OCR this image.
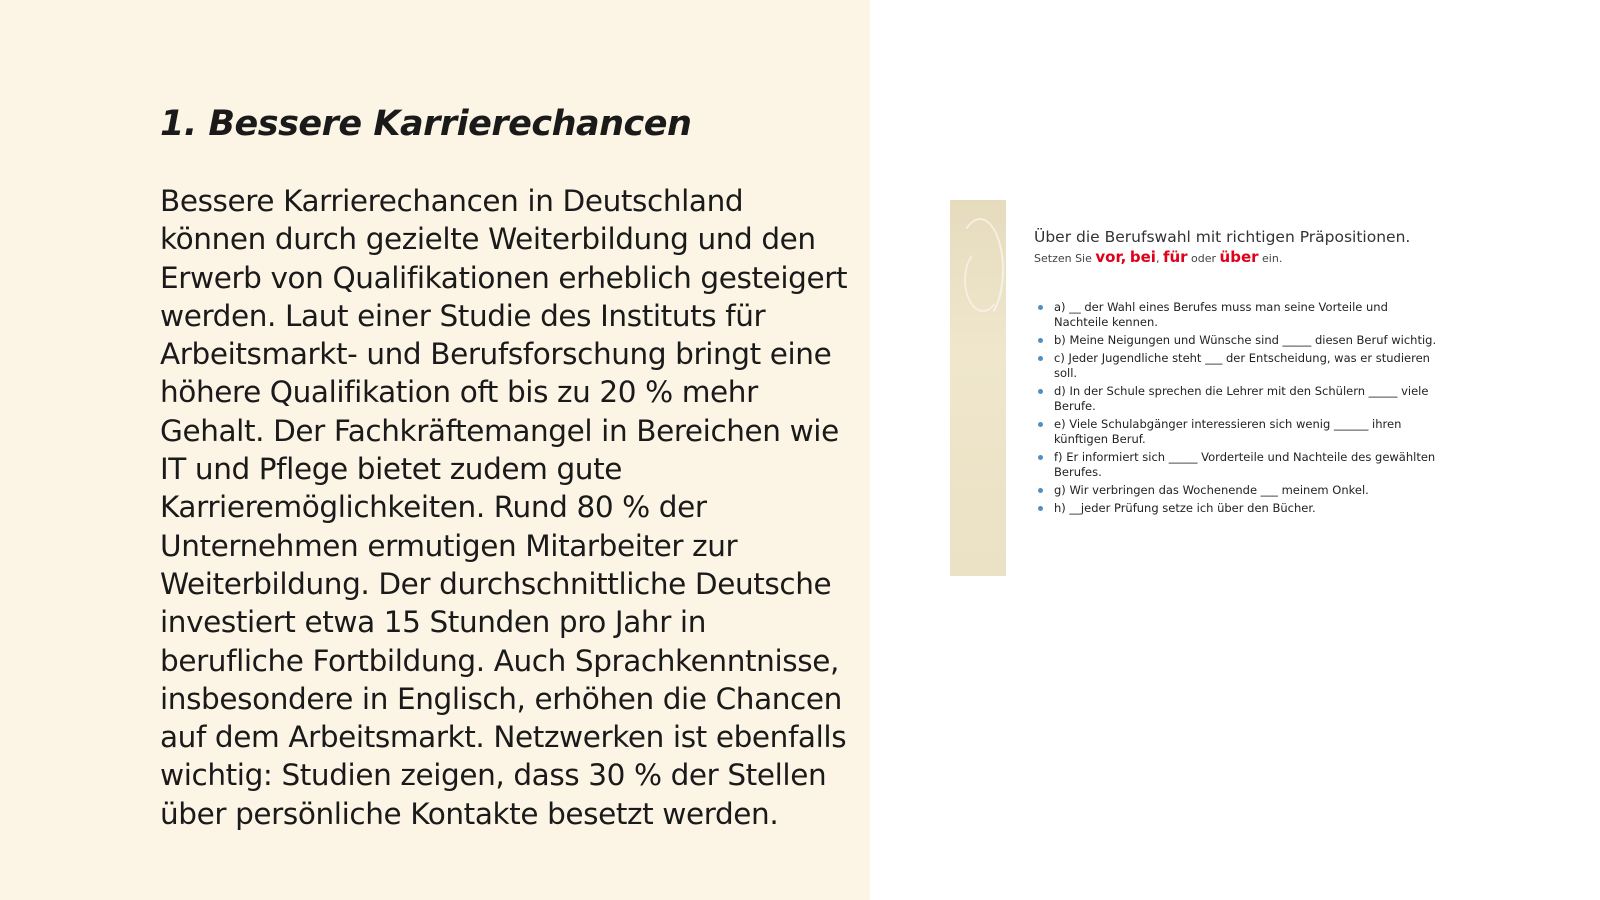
1. Bessere Karrierechancen

Bessere Karrierechancen in Deutschland können durch gezielte Weiterbildung und den Erwerb von Qualifikationen erheblich gesteigert werden. Laut einer Studie des Instituts für Arbeitsmarkt- und Berufsforschung bringt eine höhere Qualifikation oft bis zu 20 % mehr Gehalt. Der Fachkräftemangel in Bereichen wie IT und Pflege bietet zudem gute Karrieremöglichkeiten. Rund 80 % der Unternehmen ermutigen Mitarbeiter zur Weiterbildung. Der durchschnittliche Deutsche investiert etwa 15 Stunden pro Jahr in berufliche Fortbildung. Auch Sprachkenntnisse, insbesondere in Englisch, erhöhen die Chancen auf dem Arbeitsmarkt. Netzwerken ist ebenfalls wichtig: Studien zeigen, dass 30 % der Stellen über persönliche Kontakte besetzt werden.

Über die Berufswahl mit richtigen Präpositionen.

Setzen Sie vor, bei, für oder über ein.

a) __ der Wahl eines Berufes muss man seine Vorteile und Nachteile kennen.
b) Meine Neigungen und Wünsche sind _____ diesen Beruf wichtig.
c) Jeder Jugendliche steht ___ der Entscheidung, was er studieren soll.
d) In der Schule sprechen die Lehrer mit den Schülern _____ viele Berufe.
e) Viele Schulabgänger interessieren sich wenig ______ ihren künftigen Beruf.
f) Er informiert sich _____ Vorderteile und Nachteile des gewählten Berufes.
g) Wir verbringen das Wochenende ___ meinem Onkel.
h) __jeder Prüfung setze ich über den Bücher.
